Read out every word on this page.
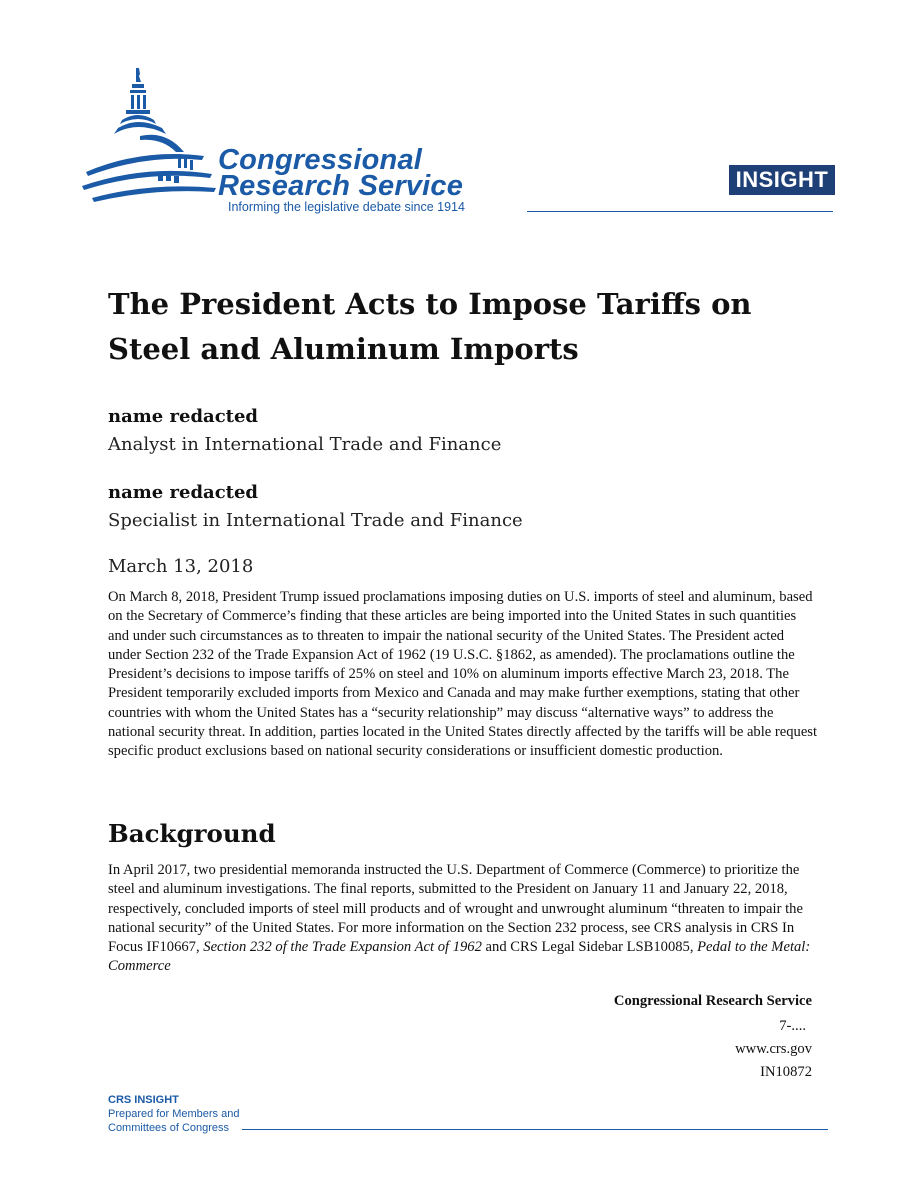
Congressional
Research Service
Informing the legislative debate since 1914
INSIGHT
The President Acts to Impose Tariffs on Steel and Aluminum Imports
name redacted
Analyst in International Trade and Finance
name redacted
Specialist in International Trade and Finance
March 13, 2018

On March 8, 2018, President Trump issued proclamations imposing duties on U.S. imports of steel and aluminum, based on the Secretary of Commerce’s finding that these articles are being imported into the United States in such quantities and under such circumstances as to threaten to impair the national security of the United States. The President acted under Section 232 of the Trade Expansion Act of 1962 (19 U.S.C. §1862, as amended). The proclamations outline the President’s decisions to impose tariffs of 25% on steel and 10% on aluminum imports effective March 23, 2018. The President temporarily excluded imports from Mexico and Canada and may make further exemptions, stating that other countries with whom the United States has a “security relationship” may discuss “alternative ways” to address the national security threat. In addition, parties located in the United States directly affected by the tariffs will be able request specific product exclusions based on national security considerations or insufficient domestic production.

Background

In April 2017, two presidential memoranda instructed the U.S. Department of Commerce (Commerce) to prioritize the steel and aluminum investigations. The final reports, submitted to the President on January 11 and January 22, 2018, respectively, concluded imports of steel mill products and of wrought and unwrought aluminum “threaten to impair the national security” of the United States. For more information on the Section 232 process, see CRS analysis in CRS In Focus IF10667, Section 232 of the Trade Expansion Act of 1962 and CRS Legal Sidebar LSB10085, Pedal to the Metal: Commerce

Congressional Research Service
7-....
www.crs.gov
IN10872
CRS INSIGHT
Prepared for Members and
Committees of Congress
